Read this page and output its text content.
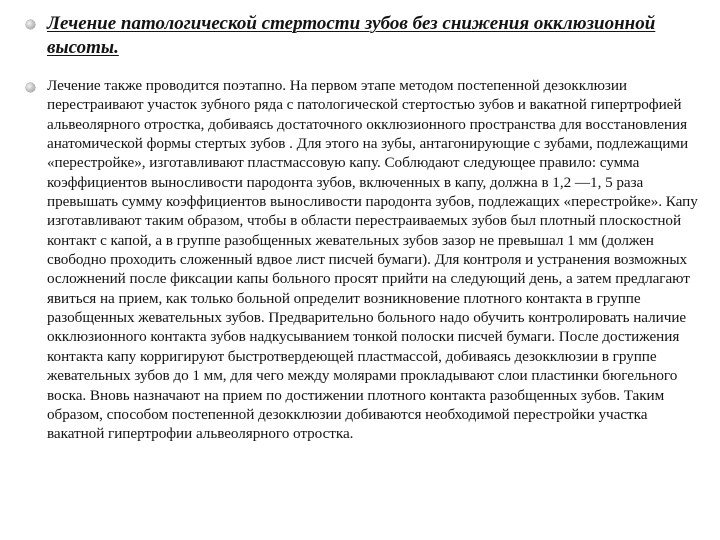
Лечение патологической стертости зубов без снижения окклюзионной высоты.

Лечение также проводится поэтапно. На первом этапе методом постепенной дезокклюзии перестраивают участок зубного ряда с патологической стертостью зубов и вакатной гипертрофией альвеолярного отростка, добиваясь достаточного окклюзионного пространства для восстановления анатомической формы стертых зубов . Для этого на зубы, антагонирующие с зубами, подлежащими «перестройке», изготавливают пластмассовую капу. Соблюдают следующее правило: сумма коэффициентов выносливости пародонта зубов, включенных в капу, должна в 1,2 —1, 5 раза превышать сумму коэффициентов выносливости пародонта зубов, подлежащих «перестройке». Капу изготавливают таким образом, чтобы в области перестраиваемых зубов был плотный плоскостной контакт с капой, а в группе разобщенных жевательных зубов зазор не превышал 1 мм (должен свободно проходить сложенный вдвое лист писчей бумаги). Для контроля и устранения возможных осложнений после фиксации капы больного просят прийти на следующий день, а затем предлагают явиться на прием, как только больной определит возникновение плотного контакта в группе разобщенных жевательных зубов. Предварительно больного надо обучить контролировать наличие окклюзионного контакта зубов надкусыванием тонкой полоски писчей бумаги. После достижения контакта капу корригируют быстротвердеющей пластмассой, добиваясь дезокклюзии в группе жевательных зубов до 1 мм, для чего между молярами прокладывают слои пластинки бюгельного воска. Вновь назначают на прием по достижении плотного контакта разобщенных зубов. Таким образом, способом постепенной дезокклюзии добиваются необходимой перестройки участка вакатной гипертрофии альвеолярного отростка.
